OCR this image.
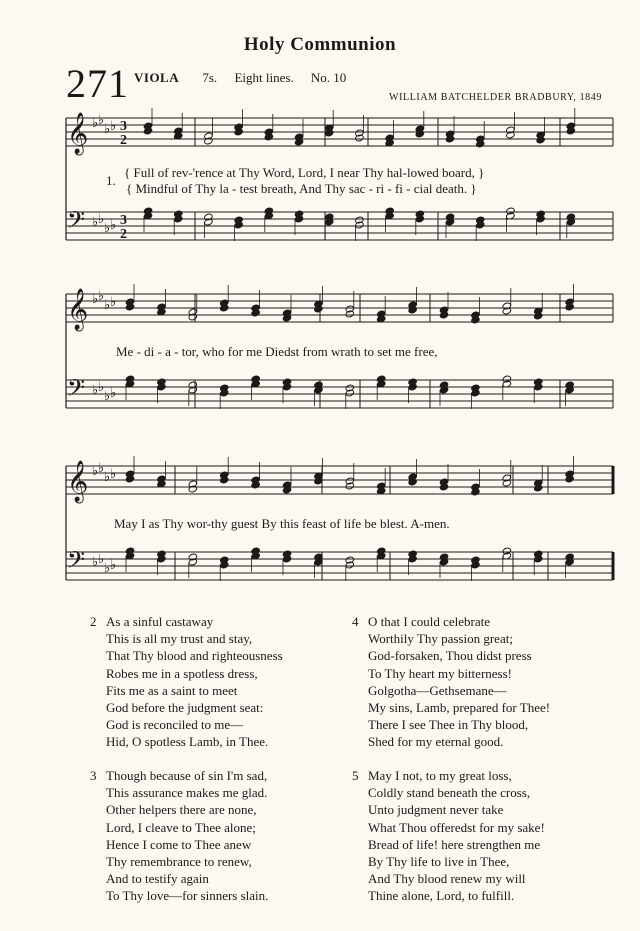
Holy Communion
271 VIOLA 7s. Eight lines. No. 10
WILLIAM BATCHELDER BRADBURY, 1849
𝄞 ♭ ♭
♭ ♭ 3
2
𝄢 ♭ ♭
♭ ♭ 3
2
𝄞 ♭ ♭
♭ ♭
𝄢 ♭ ♭
♭ ♭
𝄞 ♭ ♭
♭ ♭
𝄢 ♭ ♭
♭ ♭
1.
{ Full of rev-'rence at Thy Word, Lord, I near Thy hal-lowed board, }
{ Mindful of Thy la - test breath, And Thy sac - ri - fi - cial death. }
Me - di - a - tor, who for me Diedst from wrath to set me free,
May I as Thy wor-thy guest By this feast of life be blest. A-men.
2 As a sinful castaway
This is all my trust and stay,
That Thy blood and righteousness
Robes me in a spotless dress,
Fits me as a saint to meet
God before the judgment seat:
God is reconciled to me—
Hid, O spotless Lamb, in Thee.
3 Though because of sin I'm sad,
This assurance makes me glad.
Other helpers there are none,
Lord, I cleave to Thee alone;
Hence I come to Thee anew
Thy remembrance to renew,
And to testify again
To Thy love—for sinners slain.
4 O that I could celebrate
Worthily Thy passion great;
God-forsaken, Thou didst press
To Thy heart my bitterness!
Golgotha—Gethsemane—
My sins, Lamb, prepared for Thee!
There I see Thee in Thy blood,
Shed for my eternal good.
5 May I not, to my great loss,
Coldly stand beneath the cross,
Unto judgment never take
What Thou offeredst for my sake!
Bread of life! here strengthen me
By Thy life to live in Thee,
And Thy blood renew my will
Thine alone, Lord, to fulfill.
